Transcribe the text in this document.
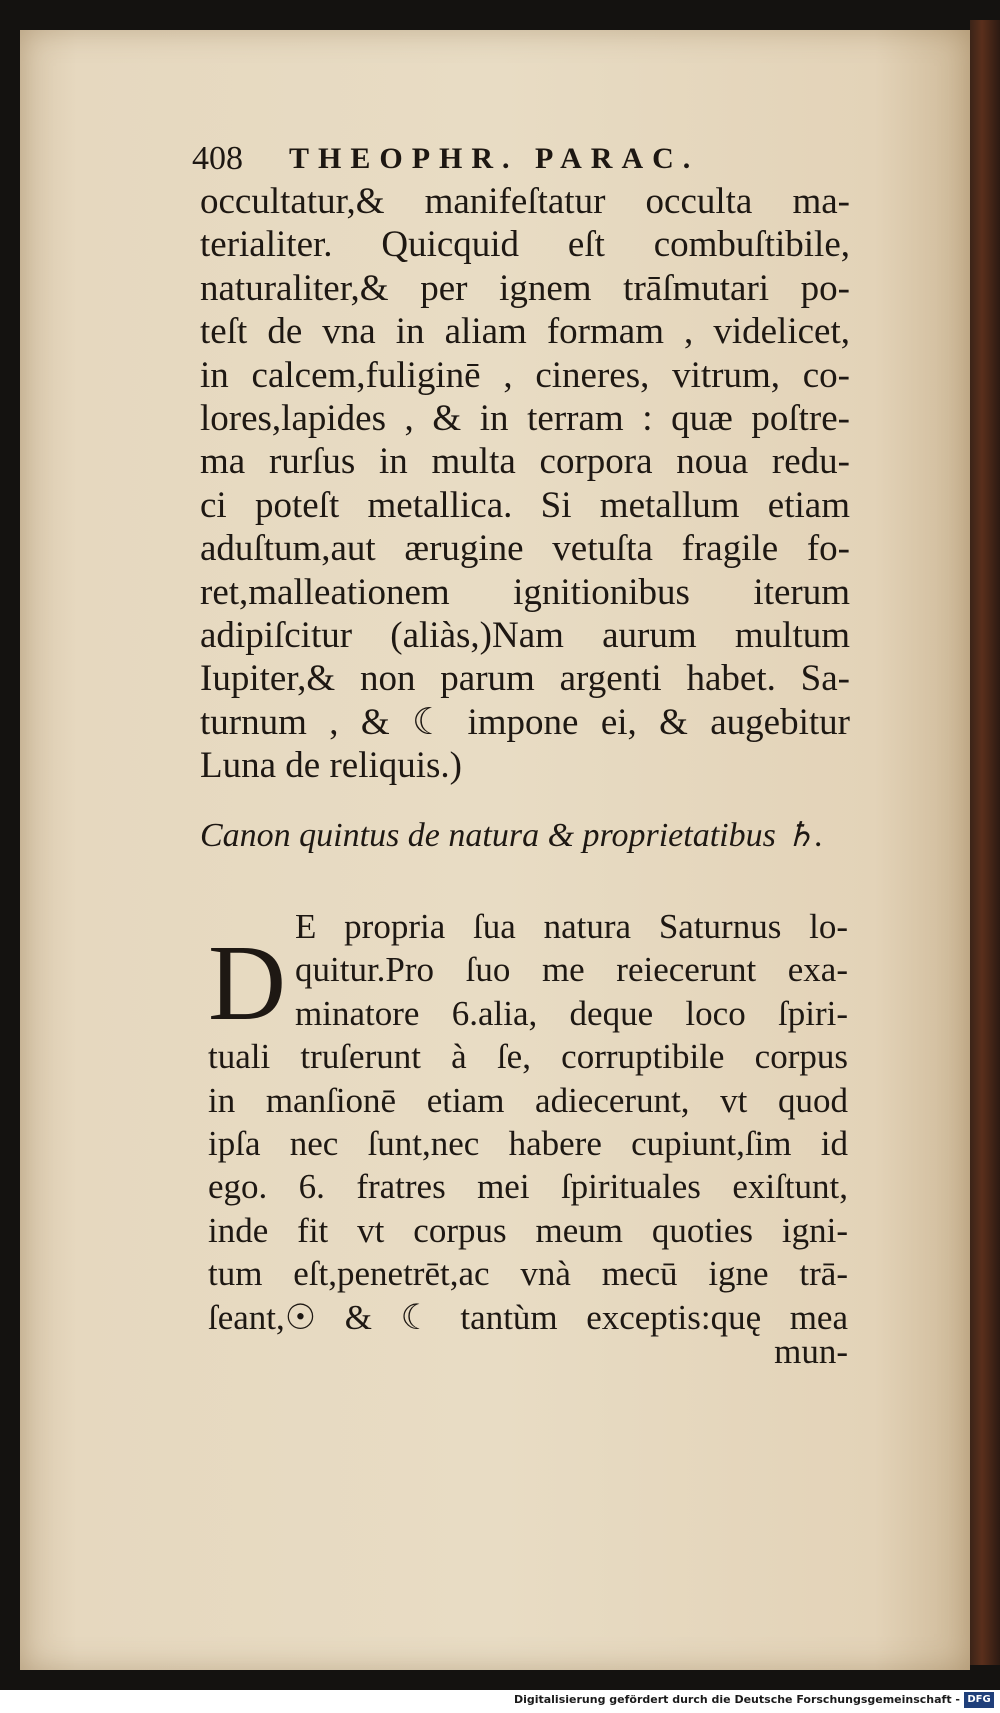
408 THEOPHR. PARAC.
occultatur,& manifeſtatur occulta ma-
terialiter. Quicquid eſt combuſtibile,
naturaliter,& per ignem trāſmutari po-
teſt de vna in aliam formam , videlicet,
in calcem,fuliginē , cineres, vitrum, co-
lores,lapides , & in terram : quæ poſtre-
ma rurſus in multa corpora noua redu-
ci poteſt metallica. Si metallum etiam
aduſtum,aut ærugine vetuſta fragile fo-
ret,malleationem ignitionibus iterum
adipiſcitur (aliàs,)Nam aurum multum
Iupiter,& non parum argenti habet. Sa-
turnum , & ☾ impone ei, & augebitur
Luna de reliquis.)
Canon quintus de natura & proprietatibus ♄.
D E propria ſua natura Saturnus lo-
quitur.Pro ſuo me reiecerunt exa-
minatore 6.alia, deque loco ſpiri-
tuali truſerunt à ſe, corruptibile corpus
in manſionē etiam adiecerunt, vt quod
ipſa nec ſunt,nec habere cupiunt,ſim id
ego. 6. fratres mei ſpirituales exiſtunt,
inde fit vt corpus meum quoties igni-
tum eſt,penetrēt,ac vnà mecū igne trā-
ſeant,☉ & ☾ tantùm exceptis:quę mea
mun-
Digitalisierung gefördert durch die Deutsche Forschungsgemeinschaft - DFG
